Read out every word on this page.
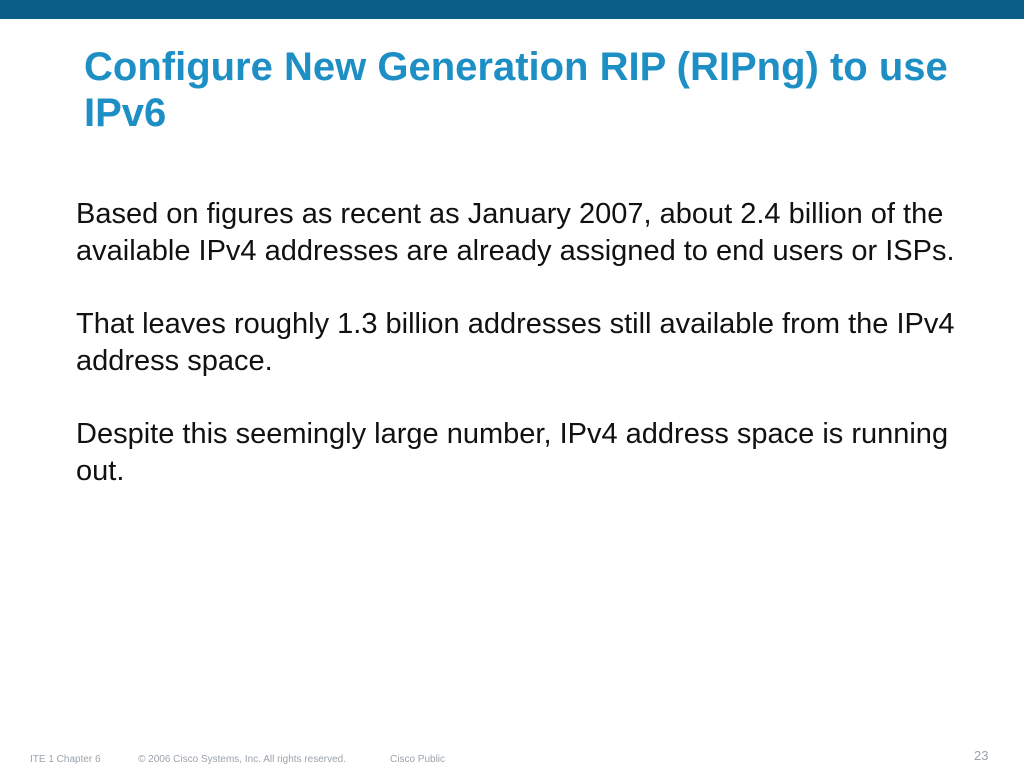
Configure New Generation RIP (RIPng) to use IPv6

Based on figures as recent as January 2007, about 2.4 billion of the available IPv4 addresses are already assigned to end users or ISPs.

That leaves roughly 1.3 billion addresses still available from the IPv4 address space.

Despite this seemingly large number, IPv4 address space is running out.

ITE 1 Chapter 6	© 2006 Cisco Systems, Inc. All rights reserved.	Cisco Public	23
